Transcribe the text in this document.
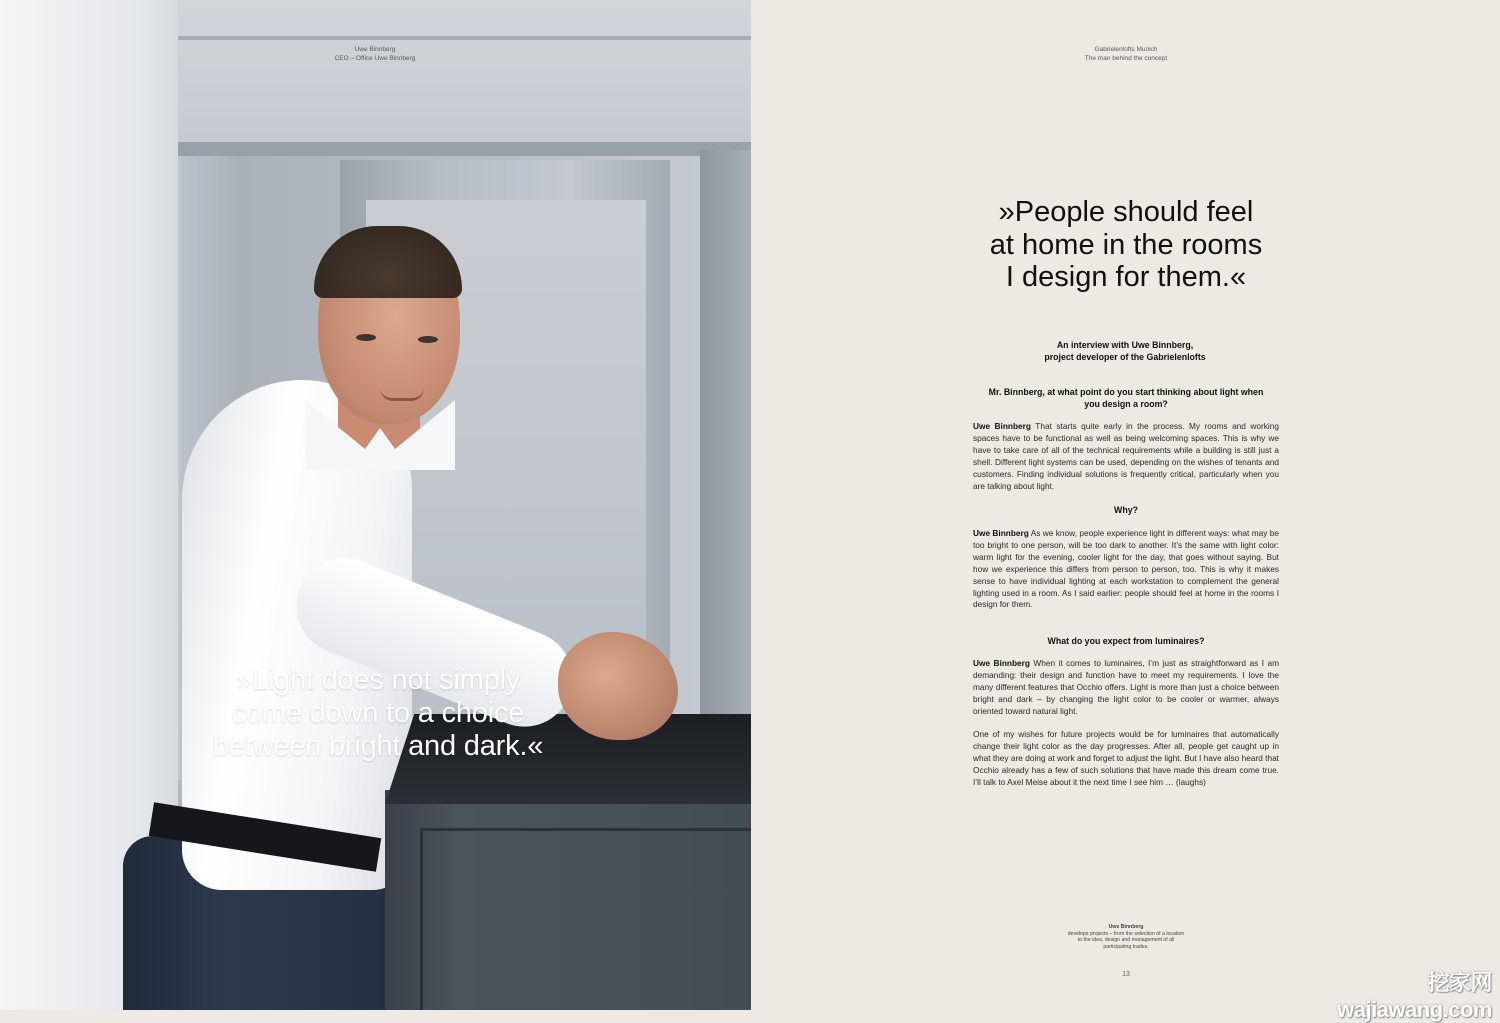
Uwe Binnberg
CEO – Office Uwe Binnberg
»Light does not simply
come down to a choice
between bright and dark.«
Gabrielenlofts Munich
The man behind the concept
»People should feel
at home in the rooms
I design for them.«
An interview with Uwe Binnberg,
project developer of the Gabrielenlofts
Mr. Binnberg, at what point do you start thinking about light when
you design a room?
Uwe Binnberg That starts quite early in the process. My rooms and working spaces have to be functional as well as being welcoming spaces. This is why we have to take care of all of the technical requirements while a building is still just a shell. Different light systems can be used, depending on the wishes of tenants and customers. Finding individual solutions is frequently critical, particularly when you are talking about light.
Why?
Uwe Binnberg As we know, people experience light in different ways: what may be too bright to one person, will be too dark to another. It’s the same with light color: warm light for the evening, cooler light for the day, that goes without saying. But how we experience this differs from person to person, too. This is why it makes sense to have individual lighting at each workstation to complement the general lighting used in a room. As I said earlier: people should feel at home in the rooms I design for them.
What do you expect from luminaires?
Uwe Binnberg When it comes to luminaires, I’m just as straightforward as I am demanding: their design and function have to meet my requirements. I love the many different features that Occhio offers. Light is more than just a choice between bright and dark – by changing the light color to be cooler or warmer, always oriented toward natural light.
One of my wishes for future projects would be for luminaires that automatically change their light color as the day progresses. After all, people get caught up in what they are doing at work and forget to adjust the light. But I have also heard that Occhio already has a few of such solutions that have made this dream come true. I’ll talk to Axel Meise about it the next time I see him … (laughs)
Uwe Binnberg
develops projects – from the selection of a location to the idea, design and management of all participating trades.
13	挖家网 wajiawang.com
